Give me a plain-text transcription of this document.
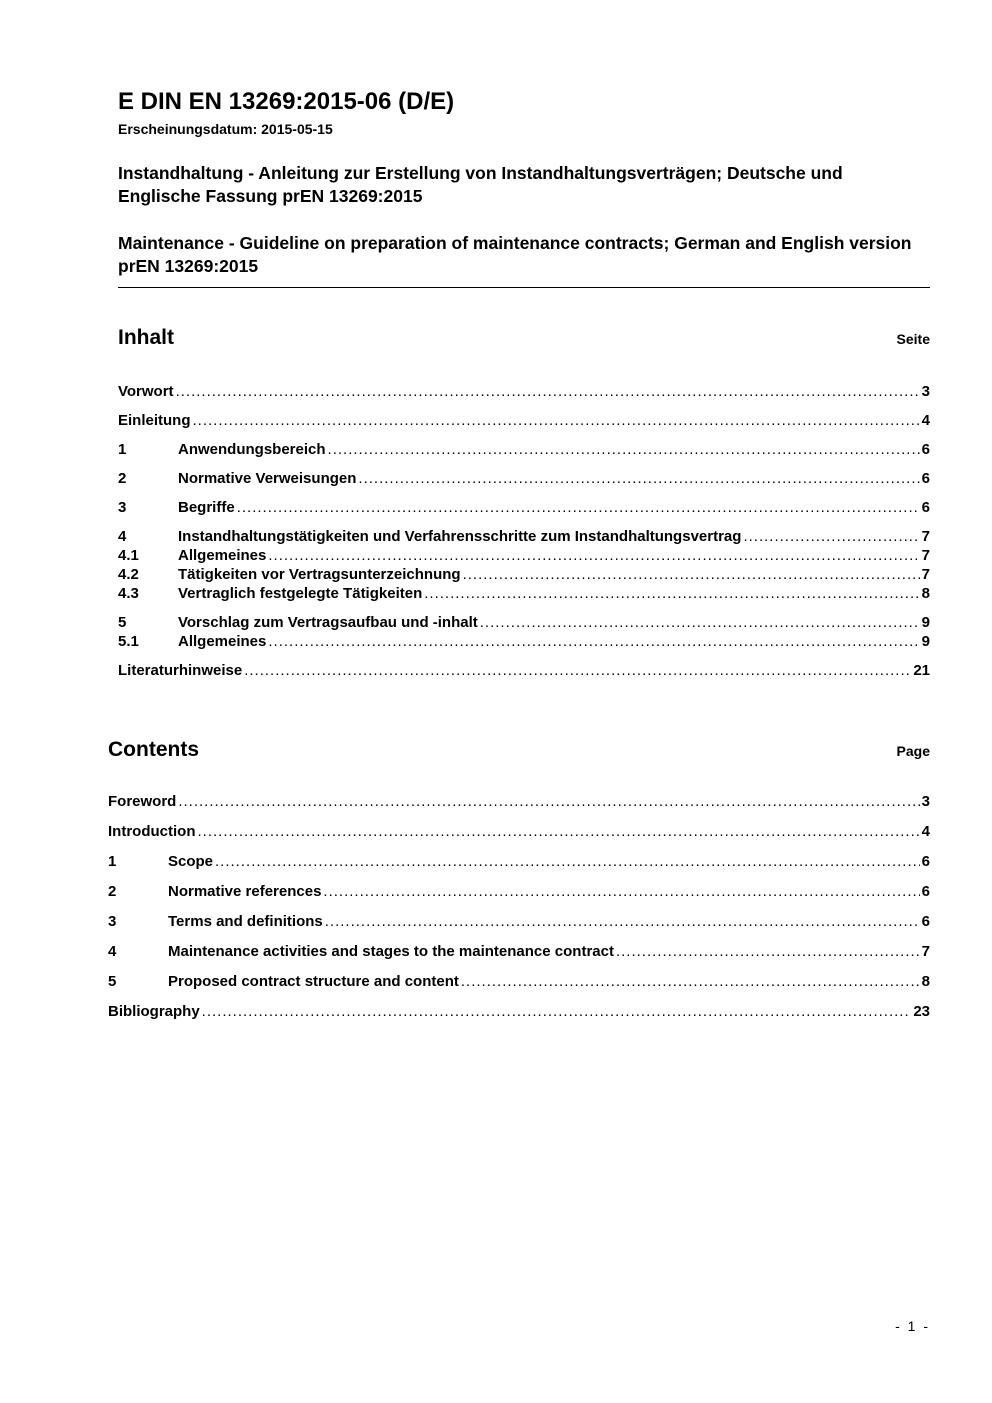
E DIN EN 13269:2015-06 (D/E)
Erscheinungsdatum: 2015-05-15
Instandhaltung - Anleitung zur Erstellung von Instandhaltungsverträgen; Deutsche und Englische Fassung prEN 13269:2015
Maintenance - Guideline on preparation of maintenance contracts; German and English version prEN 13269:2015
Inhalt	Seite
Vorwort .....	3
Einleitung .....	4
1	Anwendungsbereich .....	6
2	Normative Verweisungen .....	6
3	Begriffe .....	6
4	Instandhaltungstätigkeiten und Verfahrensschritte zum Instandhaltungsvertrag .....	7
4.1	Allgemeines .....	7
4.2	Tätigkeiten vor Vertragsunterzeichnung .....	7
4.3	Vertraglich festgelegte Tätigkeiten .....	8
5	Vorschlag zum Vertragsaufbau und -inhalt .....	9
5.1	Allgemeines .....	9
Literaturhinweise .....	21
Contents	Page
Foreword .....	3
Introduction .....	4
1	Scope .....	6
2	Normative references .....	6
3	Terms and definitions .....	6
4	Maintenance activities and stages to the maintenance contract .....	7
5	Proposed contract structure and content .....	8
Bibliography .....	23
- 1 -
